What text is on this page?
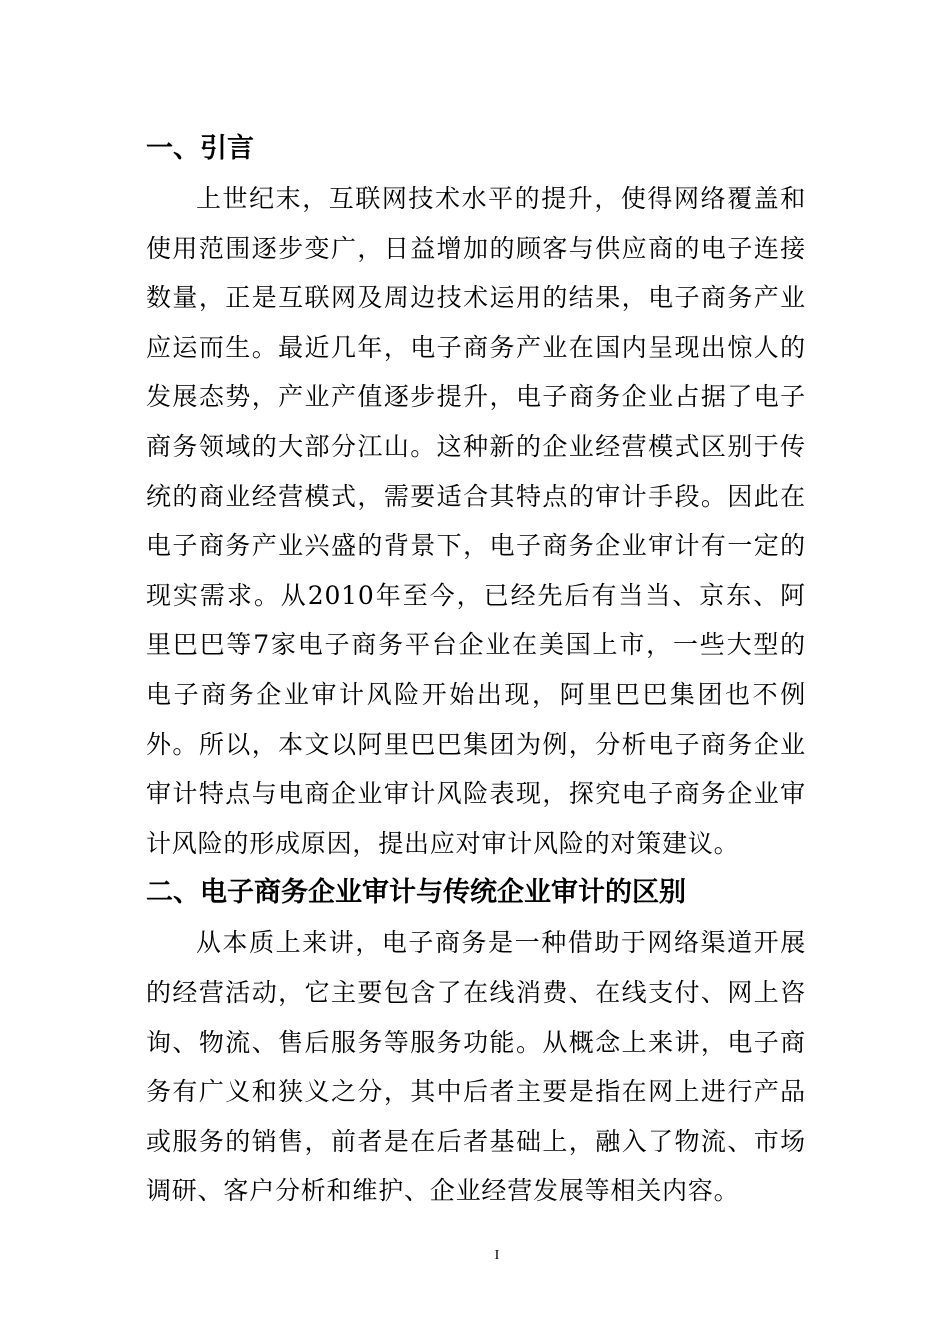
一、引言

上世纪末，互联网技术水平的提升，使得网络覆盖和使用范围逐步变广，日益增加的顾客与供应商的电子连接数量，正是互联网及周边技术运用的结果，电子商务产业应运而生。最近几年，电子商务产业在国内呈现出惊人的发展态势，产业产值逐步提升，电子商务企业占据了电子商务领域的大部分江山。这种新的企业经营模式区别于传统的商业经营模式，需要适合其特点的审计手段。因此在电子商务产业兴盛的背景下，电子商务企业审计有一定的现实需求。从2010年至今，已经先后有当当、京东、阿里巴巴等7家电子商务平台企业在美国上市，一些大型的电子商务企业审计风险开始出现，阿里巴巴集团也不例外。所以，本文以阿里巴巴集团为例，分析电子商务企业审计特点与电商企业审计风险表现，探究电子商务企业审计风险的形成原因，提出应对审计风险的对策建议。

二、电子商务企业审计与传统企业审计的区别

从本质上来讲，电子商务是一种借助于网络渠道开展的经营活动，它主要包含了在线消费、在线支付、网上咨询、物流、售后服务等服务功能。从概念上来讲，电子商务有广义和狭义之分，其中后者主要是指在网上进行产品或服务的销售，前者是在后者基础上，融入了物流、市场调研、客户分析和维护、企业经营发展等相关内容。

I
